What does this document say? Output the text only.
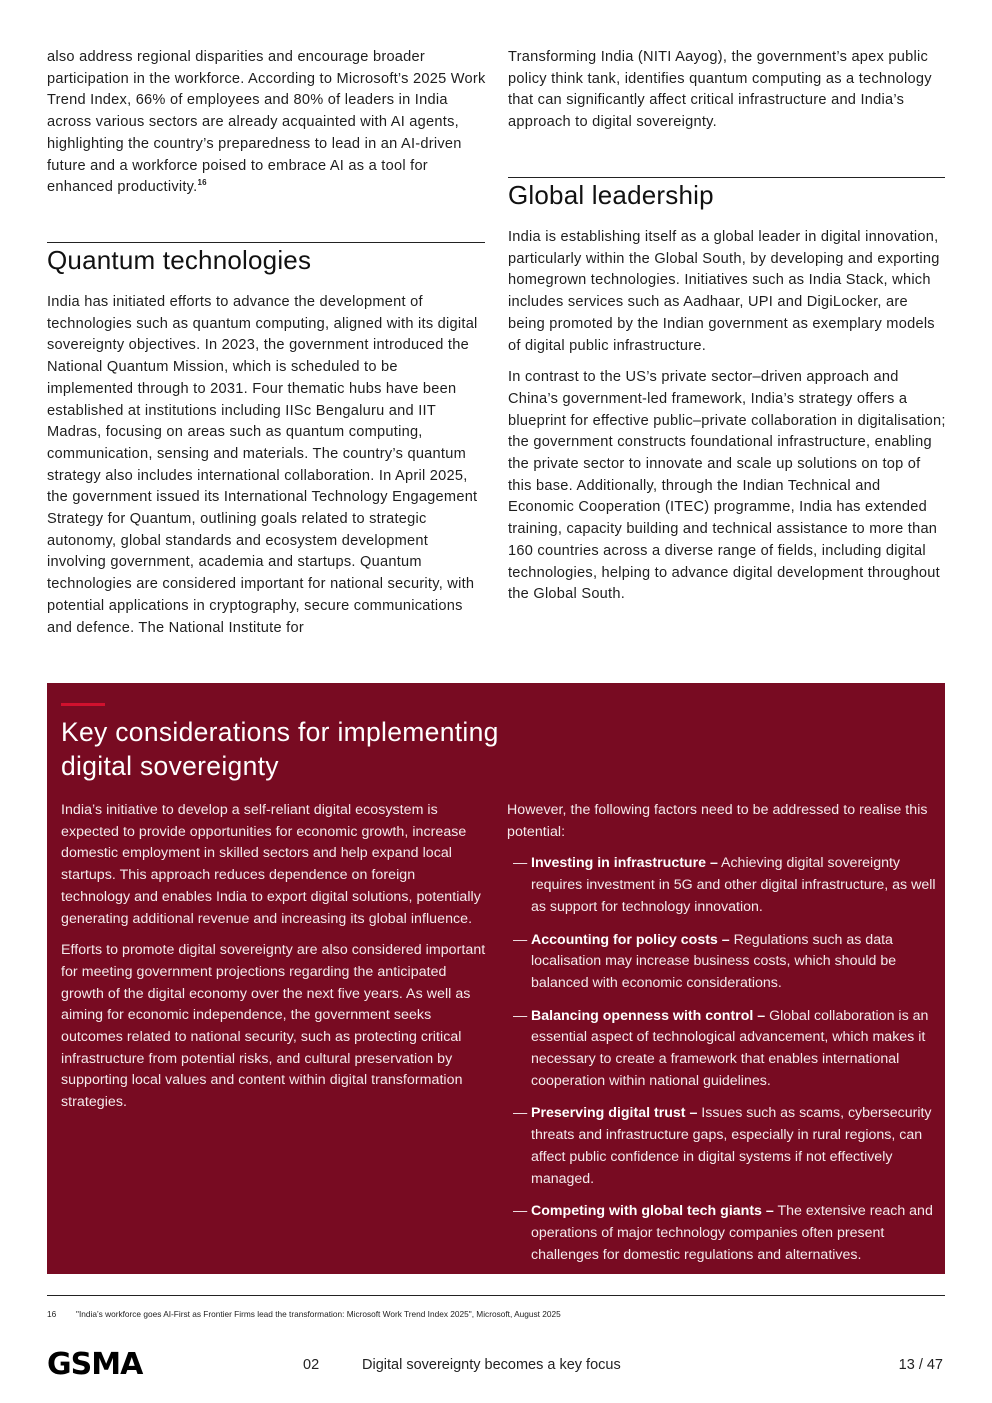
also address regional disparities and encourage broader participation in the workforce. According to Microsoft’s 2025 Work Trend Index, 66% of employees and 80% of leaders in India across various sectors are already acquainted with AI agents, highlighting the country’s preparedness to lead in an AI-driven future and a workforce poised to embrace AI as a tool for enhanced productivity.$^{16}$

Quantum technologies

India has initiated efforts to advance the development of technologies such as quantum computing, aligned with its digital sovereignty objectives. In 2023, the government introduced the National Quantum Mission, which is scheduled to be implemented through to 2031. Four thematic hubs have been established at institutions including IISc Bengaluru and IIT Madras, focusing on areas such as quantum computing, communication, sensing and materials. The country’s quantum strategy also includes international collaboration. In April 2025, the government issued its International Technology Engagement Strategy for Quantum, outlining goals related to strategic autonomy, global standards and ecosystem development involving government, academia and startups. Quantum technologies are considered important for national security, with potential applications in cryptography, secure communications and defence. The National Institute for

Transforming India (NITI Aayog), the government’s apex public policy think tank, identifies quantum computing as a technology that can significantly affect critical infrastructure and India’s approach to digital sovereignty.

Global leadership

India is establishing itself as a global leader in digital innovation, particularly within the Global South, by developing and exporting homegrown technologies. Initiatives such as India Stack, which includes services such as Aadhaar, UPI and DigiLocker, are being promoted by the Indian government as exemplary models of digital public infrastructure.

In contrast to the US’s private sector–driven approach and China’s government-led framework, India’s strategy offers a blueprint for effective public–private collaboration in digitalisation; the government constructs foundational infrastructure, enabling the private sector to innovate and scale up solutions on top of this base. Additionally, through the Indian Technical and Economic Cooperation (ITEC) programme, India has extended training, capacity building and technical assistance to more than 160 countries across a diverse range of fields, including digital technologies, helping to advance digital development throughout the Global South.

Key considerations for implementing digital sovereignty

India’s initiative to develop a self-reliant digital ecosystem is expected to provide opportunities for economic growth, increase domestic employment in skilled sectors and help expand local startups. This approach reduces dependence on foreign technology and enables India to export digital solutions, potentially generating additional revenue and increasing its global influence.

Efforts to promote digital sovereignty are also considered important for meeting government projections regarding the anticipated growth of the digital economy over the next five years. As well as aiming for economic independence, the government seeks outcomes related to national security, such as protecting critical infrastructure from potential risks, and cultural preservation by supporting local values and content within digital transformation strategies.

However, the following factors need to be addressed to realise this potential:

— Investing in infrastructure – Achieving digital sovereignty requires investment in 5G and other digital infrastructure, as well as support for technology innovation.
— Accounting for policy costs – Regulations such as data localisation may increase business costs, which should be balanced with economic considerations.
— Balancing openness with control – Global collaboration is an essential aspect of technological advancement, which makes it necessary to create a framework that enables international cooperation within national guidelines.
— Preserving digital trust – Issues such as scams, cybersecurity threats and infrastructure gaps, especially in rural regions, can affect public confidence in digital systems if not effectively managed.
— Competing with global tech giants – The extensive reach and operations of major technology companies often present challenges for domestic regulations and alternatives.
16 "India’s workforce goes AI-First as Frontier Firms lead the transformation: Microsoft Work Trend Index 2025", Microsoft, August 2025
GSMA	02	Digital sovereignty becomes a key focus	13 / 47
